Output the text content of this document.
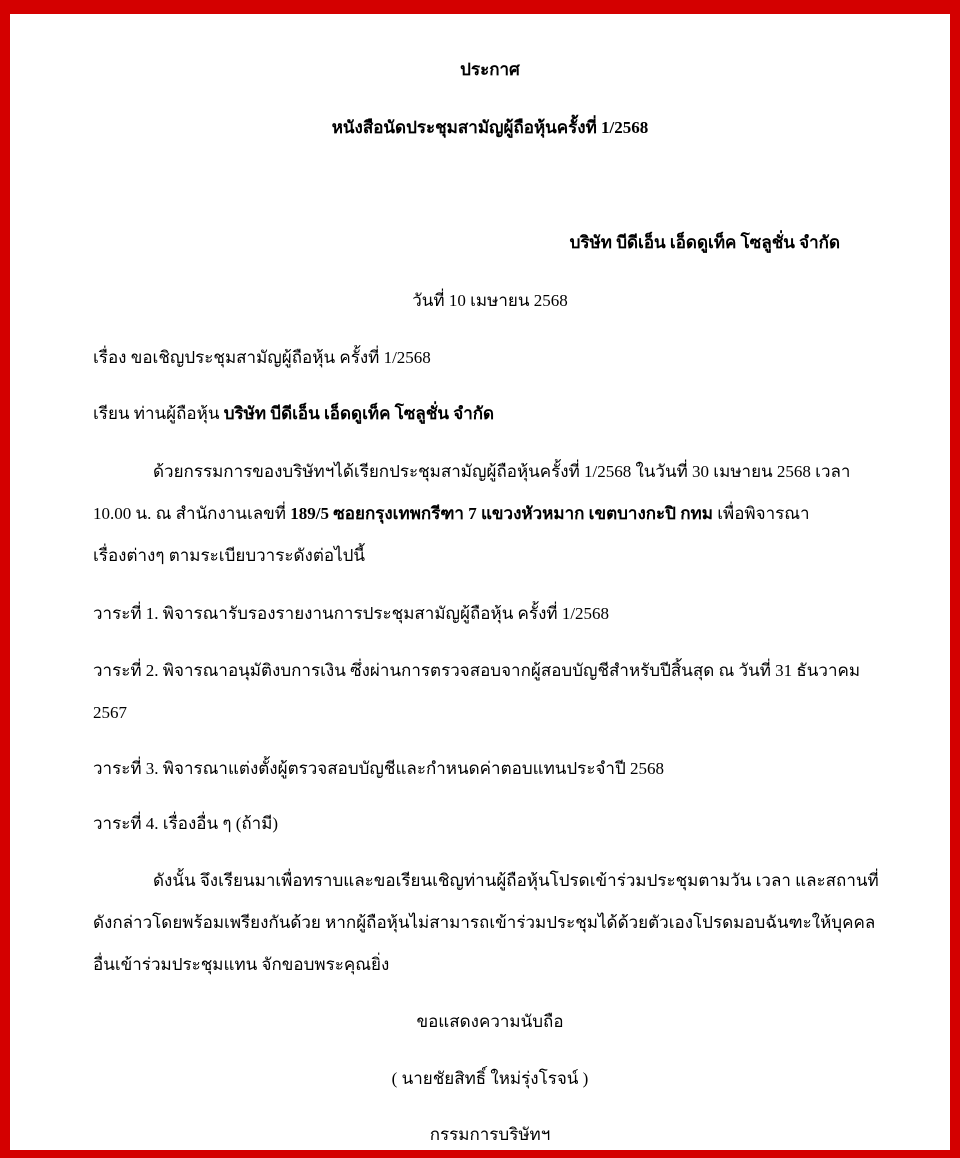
ประกาศ
หนังสือนัดประชุมสามัญผู้ถือหุ้นครั้งที่ 1/2568
บริษัท บีดีเอ็น เอ็ดดูเท็ค โซลูชั่น จำกัด
วันที่ 10 เมษายน 2568
เรื่อง ขอเชิญประชุมสามัญผู้ถือหุ้น ครั้งที่ 1/2568
เรียน ท่านผู้ถือหุ้น บริษัท บีดีเอ็น เอ็ดดูเท็ค โซลูชั่น จำกัด
ด้วยกรรมการของบริษัทฯได้เรียกประชุมสามัญผู้ถือหุ้นครั้งที่ 1/2568 ในวันที่ 30 เมษายน 2568 เวลา
10.00 น. ณ สำนักงานเลขที่ 189/5 ซอยกรุงเทพกรีฑา 7 แขวงหัวหมาก เขตบางกะปิ กทม เพื่อพิจารณา
เรื่องต่างๆ ตามระเบียบวาระดังต่อไปนี้
วาระที่ 1. พิจารณารับรองรายงานการประชุมสามัญผู้ถือหุ้น ครั้งที่ 1/2568
วาระที่ 2. พิจารณาอนุมัติงบการเงิน ซึ่งผ่านการตรวจสอบจากผู้สอบบัญชีสำหรับปีสิ้นสุด ณ วันที่ 31 ธันวาคม
2567
วาระที่ 3. พิจารณาแต่งตั้งผู้ตรวจสอบบัญชีและกำหนดค่าตอบแทนประจำปี 2568
วาระที่ 4. เรื่องอื่น ๆ (ถ้ามี)
ดังนั้น จึงเรียนมาเพื่อทราบและขอเรียนเชิญท่านผู้ถือหุ้นโปรดเข้าร่วมประชุมตามวัน เวลา และสถานที่
ดังกล่าวโดยพร้อมเพรียงกันด้วย หากผู้ถือหุ้นไม่สามารถเข้าร่วมประชุมได้ด้วยตัวเองโปรดมอบฉันฑะให้บุคคล
อื่นเข้าร่วมประชุมแทน จักขอบพระคุณยิ่ง
ขอแสดงความนับถือ
( นายชัยสิทธิ์ ใหม่รุ่งโรจน์ )
กรรมการบริษัทฯ
